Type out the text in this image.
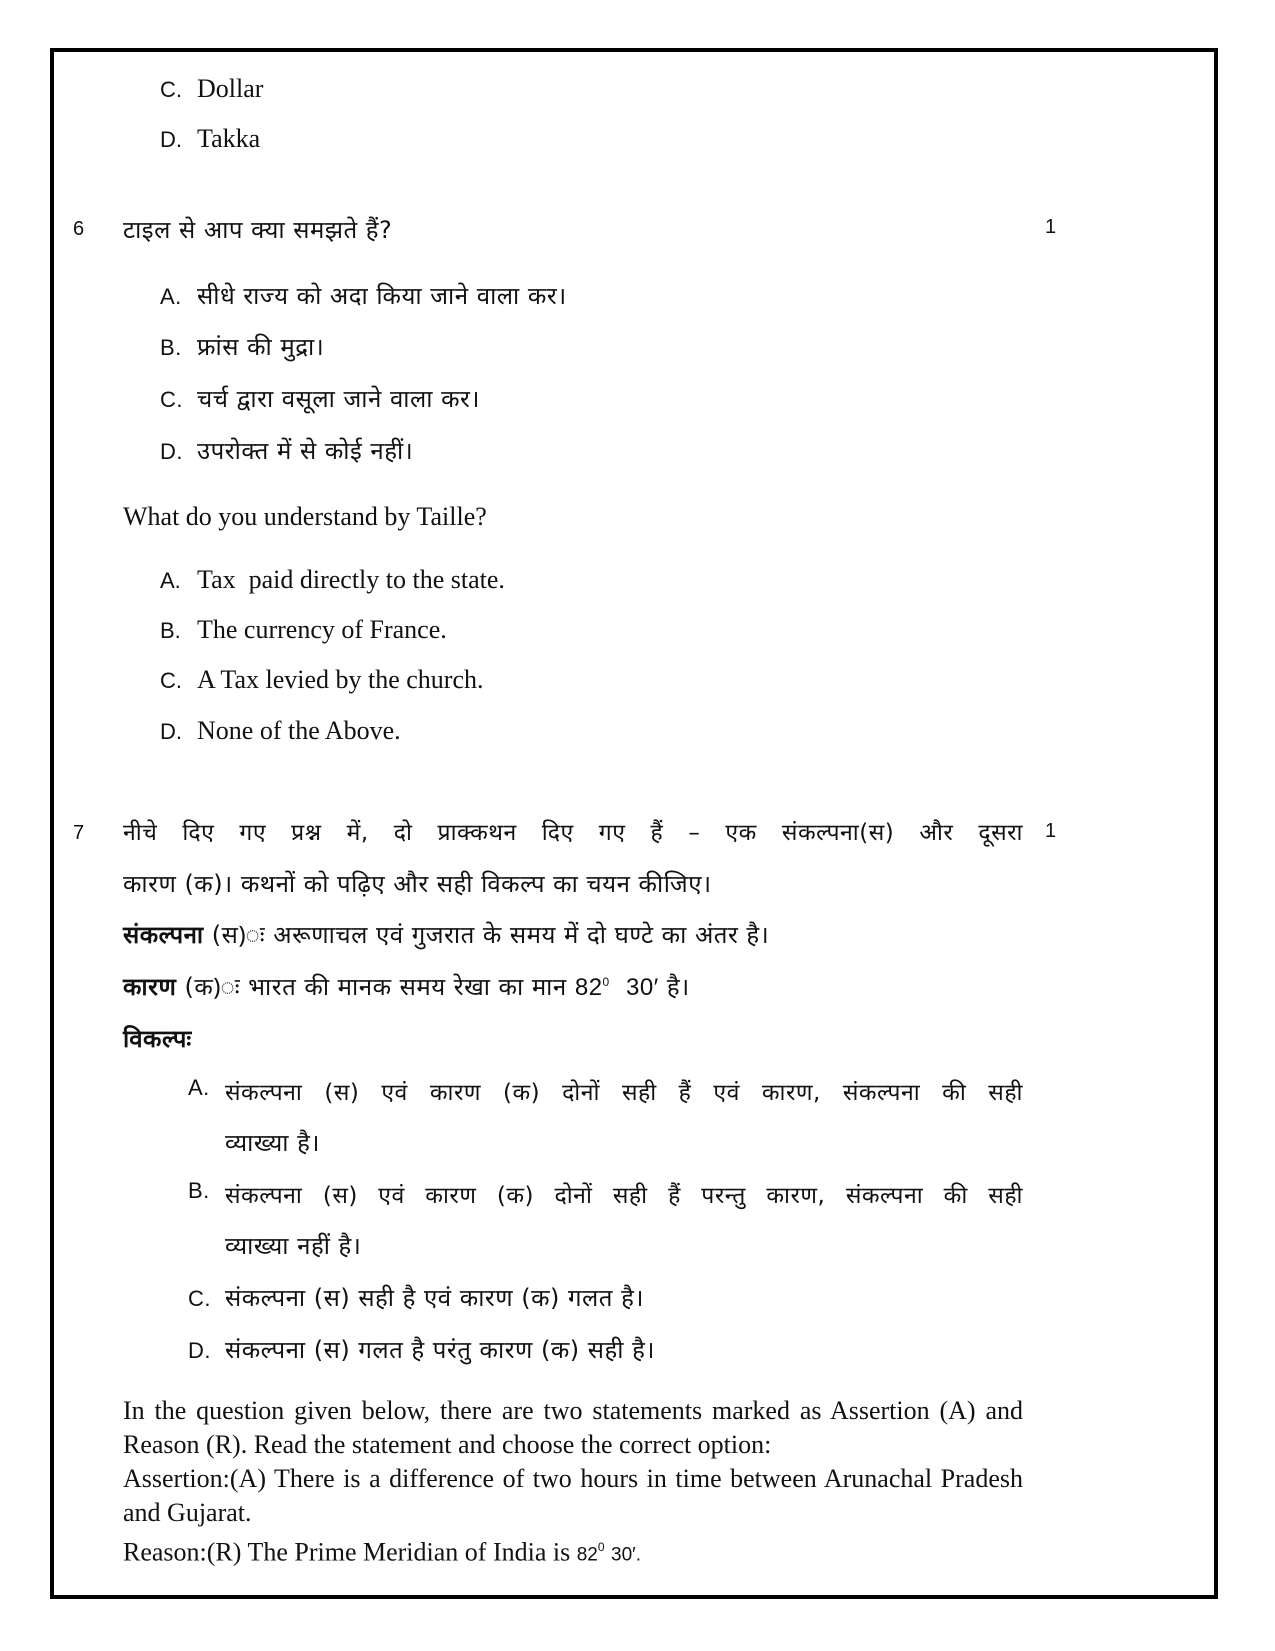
C. Dollar
D. Takka
6	1
टाइल से आप क्या समझते हैं?
A. सीधे राज्य को अदा किया जाने वाला कर।
B. फ्रांस की मुद्रा।
C. चर्च द्वारा वसूला जाने वाला कर।
D. उपरोक्त में से कोई नहीं।
What do you understand by Taille?
A. Tax  paid directly to the state.
B. The currency of France.
C. A Tax levied by the church.
D. None of the Above.
7	1
नीचे दिए गए प्रश्न में, दो प्राक्कथन दिए गए हैं – एक संकल्पना(स) और दूसरा
कारण (क)। कथनों को पढ़िए और सही विकल्प का चयन कीजिए।
संकल्पना (स)ः अरूणाचल एवं गुजरात के समय में दो घण्टे का अंतर है।
कारण (क)ः भारत की मानक समय रेखा का मान $82^0$ 30′ है।
विकल्पः
A. संकल्पना (स) एवं कारण (क) दोनों सही हैं एवं कारण, संकल्पना की सही
व्याख्या है।
B. संकल्पना (स) एवं कारण (क) दोनों सही हैं परन्तु कारण, संकल्पना की सही
व्याख्या नहीं है।
C. संकल्पना (स) सही है एवं कारण (क) गलत है।
D. संकल्पना (स) गलत है परंतु कारण (क) सही है।
In the question given below, there are two statements marked as Assertion (A) and Reason (R). Read the statement and choose the correct option:
Assertion:(A) There is a difference of two hours in time between Arunachal Pradesh and Gujarat.
Reason:(R) The Prime Meridian of India is $82^0$ 30′.
